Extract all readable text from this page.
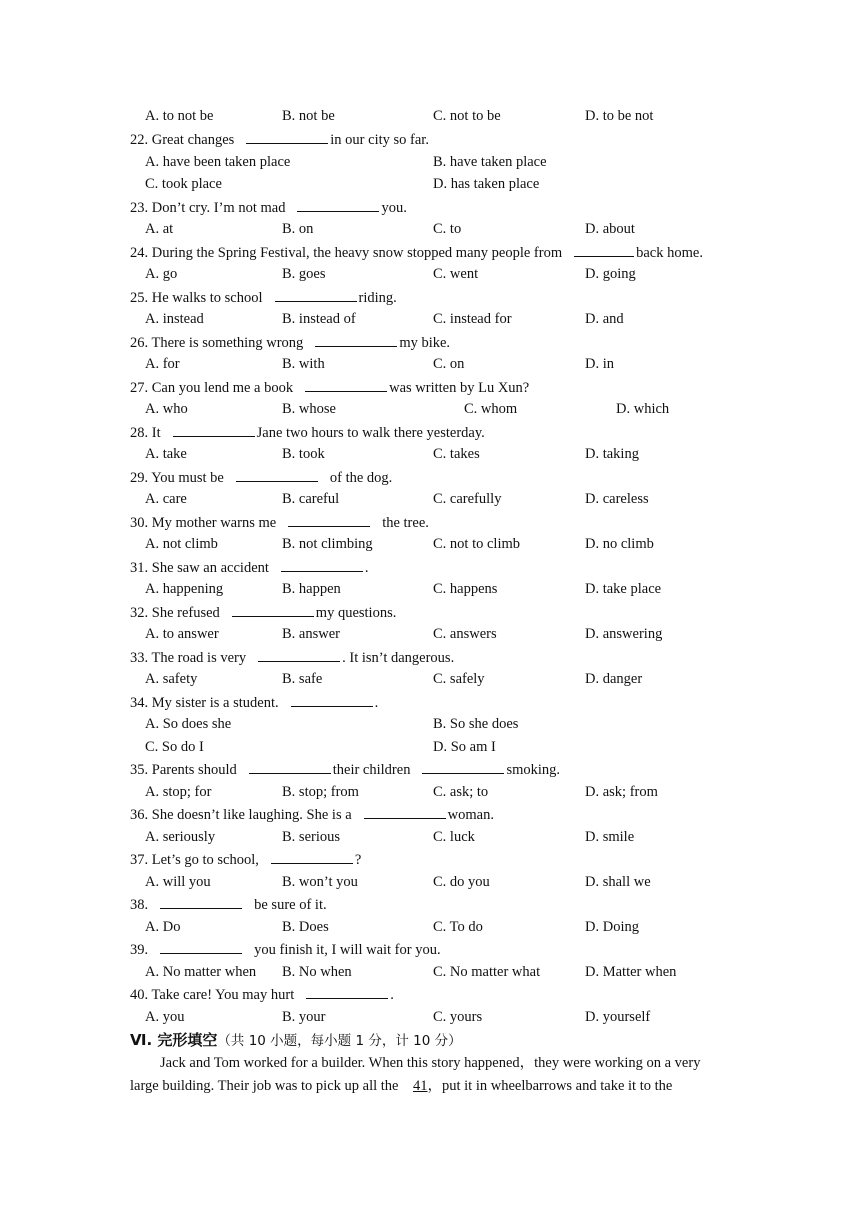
A. to not be	B. not be	C. not to be	D. to be not
22. Great changes	in our city so far.
A. have been taken place	B. have taken place
C. took place	D. has taken place
23. Don’t cry. I’m not mad	you.
A. at	B. on	C. to	D. about
24. During the Spring Festival, the heavy snow stopped many people from	back home.
A. go	B. goes	C. went	D. going
25. He walks to school	riding.
A. instead	B. instead of	C. instead for	D. and
26. There is something wrong	my bike.
A. for	B. with	C. on	D. in
27. Can you lend me a book	was written by Lu Xun?
A. who	B. whose	C. whom	D. which
28. It	Jane two hours to walk there yesterday.
A. take	B. took	C. takes	D. taking
29. You must be	of the dog.
A. care	B. careful	C. carefully	D. careless
30. My mother warns me	the tree.
A. not climb	B. not climbing	C. not to climb	D. no climb
31. She saw an accident	.
A. happening	B. happen	C. happens	D. take place
32. She refused	my questions.
A. to answer	B. answer	C. answers	D. answering
33. The road is very	. It isn’t dangerous.
A. safety	B. safe	C. safely	D. danger
34. My sister is a student.	.
A. So does she	B. So she does
C. So do I	D. So am I
35. Parents should	their children	smoking.
A. stop; for	B. stop; from	C. ask; to	D. ask; from
36. She doesn’t like laughing. She is a	woman.
A. seriously	B. serious	C. luck	D. smile
37. Let’s go to school,	?
A. will you	B. won’t you	C. do you	D. shall we
38.	be sure of it.
A. Do	B. Does	C. To do	D. Doing
39.	you finish it, I will wait for you.
A. No matter when B. No when	C. No matter what	D. Matter when
40. Take care! You may hurt	.
A. you	B. your	C. yours	D. yourself
Ⅵ. 完形填空（共 10 小题，每小题 1 分，计 10 分）

Jack and Tom worked for a builder. When this story happened，they were working on a very

large building. Their job was to pick up all the 41，put it in wheelbarrows and take it to the
